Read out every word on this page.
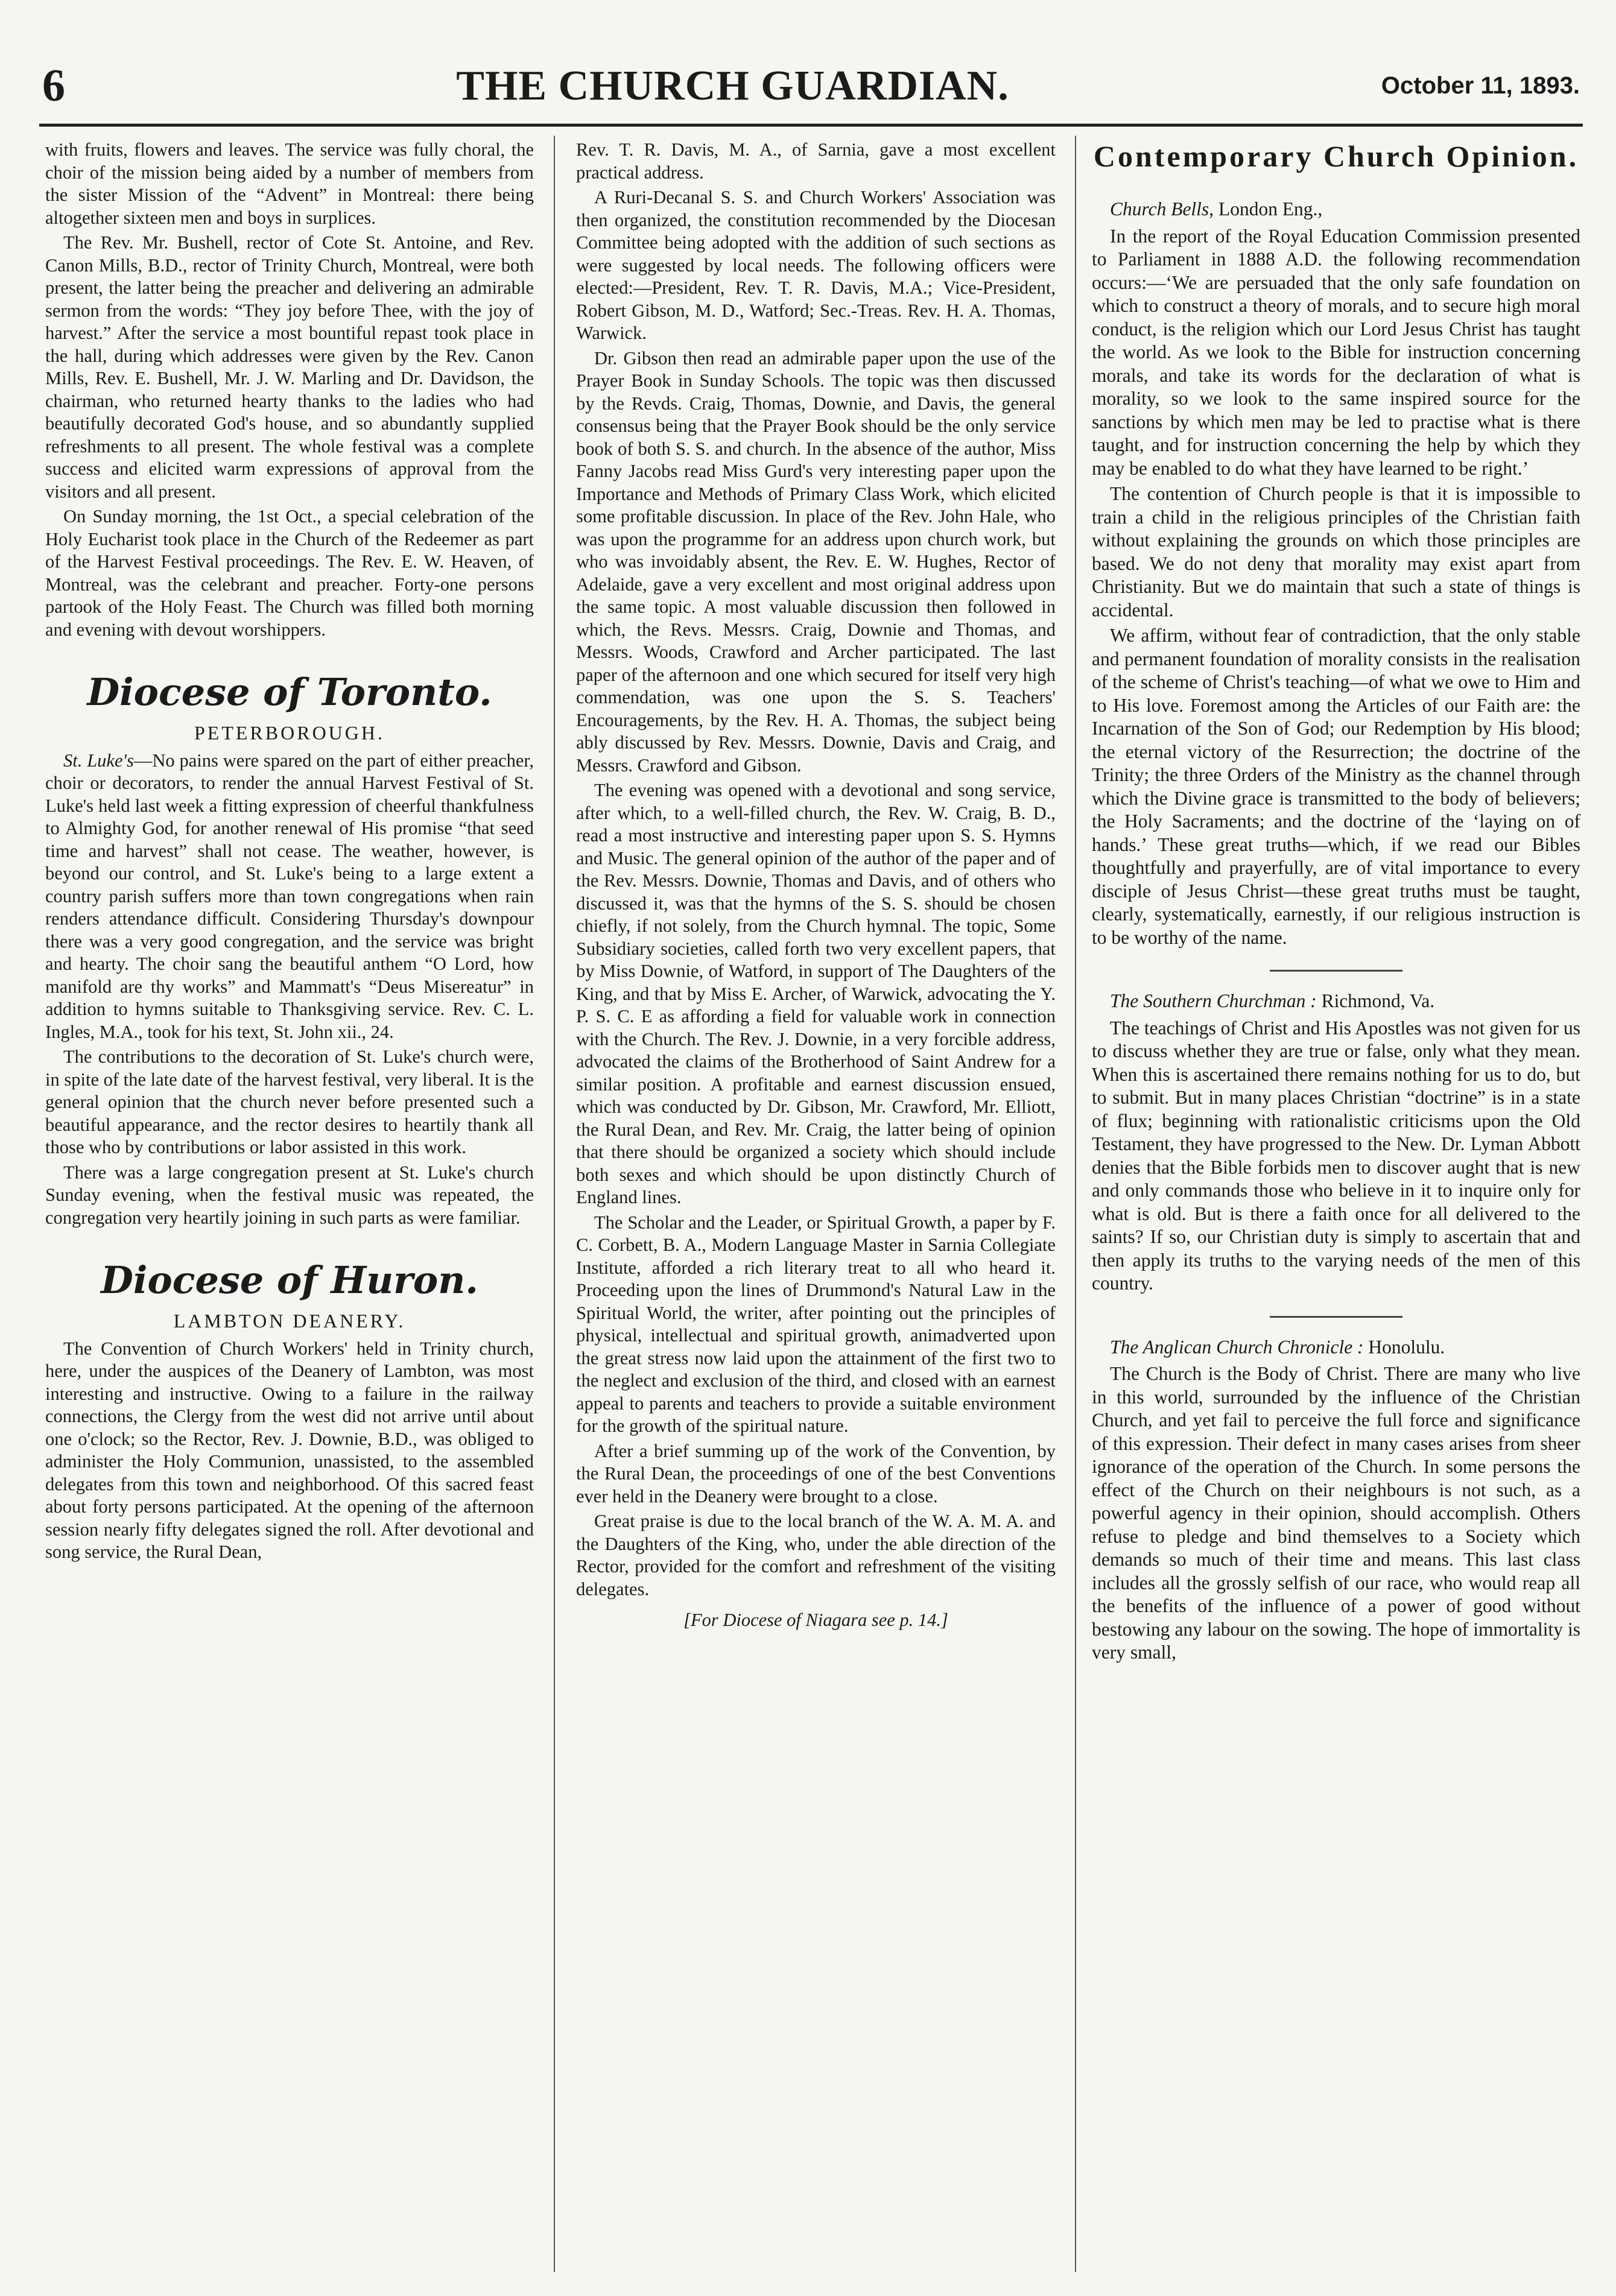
6	THE CHURCH GUARDIAN.	October 11, 1893.

with fruits, flowers and leaves. The service was fully choral, the choir of the mission being aided by a number of members from the sister Mission of the “Advent” in Montreal: there being altogether sixteen men and boys in surplices.

The Rev. Mr. Bushell, rector of Cote St. Antoine, and Rev. Canon Mills, B.D., rector of Trinity Church, Montreal, were both present, the latter being the preacher and delivering an admirable sermon from the words: “They joy before Thee, with the joy of harvest.” After the service a most bountiful repast took place in the hall, during which addresses were given by the Rev. Canon Mills, Rev. E. Bushell, Mr. J. W. Marling and Dr. Davidson, the chairman, who returned hearty thanks to the ladies who had beautifully decorated God's house, and so abundantly supplied refreshments to all present. The whole festival was a complete success and elicited warm expressions of approval from the visitors and all present.

On Sunday morning, the 1st Oct., a special celebration of the Holy Eucharist took place in the Church of the Redeemer as part of the Harvest Festival proceedings. The Rev. E. W. Heaven, of Montreal, was the celebrant and preacher. Forty-one persons partook of the Holy Feast. The Church was filled both morning and evening with devout worshippers.

Diocese of Toronto.
PETERBOROUGH.

St. Luke's—No pains were spared on the part of either preacher, choir or decorators, to render the annual Harvest Festival of St. Luke's held last week a fitting expression of cheerful thankfulness to Almighty God, for another renewal of His promise “that seed time and harvest” shall not cease. The weather, however, is beyond our control, and St. Luke's being to a large extent a country parish suffers more than town congregations when rain renders attendance difficult. Considering Thursday's downpour there was a very good congregation, and the service was bright and hearty. The choir sang the beautiful anthem “O Lord, how manifold are thy works” and Mammatt's “Deus Misereatur” in addition to hymns suitable to Thanksgiving service. Rev. C. L. Ingles, M.A., took for his text, St. John xii., 24.

The contributions to the decoration of St. Luke's church were, in spite of the late date of the harvest festival, very liberal. It is the general opinion that the church never before presented such a beautiful appearance, and the rector desires to heartily thank all those who by contributions or labor assisted in this work.

There was a large congregation present at St. Luke's church Sunday evening, when the festival music was repeated, the congregation very heartily joining in such parts as were familiar.

Diocese of Huron.
LAMBTON DEANERY.

The Convention of Church Workers' held in Trinity church, here, under the auspices of the Deanery of Lambton, was most interesting and instructive. Owing to a failure in the railway connections, the Clergy from the west did not arrive until about one o'clock; so the Rector, Rev. J. Downie, B.D., was obliged to administer the Holy Communion, unassisted, to the assembled delegates from this town and neighborhood. Of this sacred feast about forty persons participated. At the opening of the afternoon session nearly fifty delegates signed the roll. After devotional and song service, the Rural Dean,

Rev. T. R. Davis, M. A., of Sarnia, gave a most excellent practical address.

A Ruri-Decanal S. S. and Church Workers' Association was then organized, the constitution recommended by the Diocesan Committee being adopted with the addition of such sections as were suggested by local needs. The following officers were elected:—President, Rev. T. R. Davis, M.A.; Vice-President, Robert Gibson, M. D., Watford; Sec.-Treas. Rev. H. A. Thomas, Warwick.

Dr. Gibson then read an admirable paper upon the use of the Prayer Book in Sunday Schools. The topic was then discussed by the Revds. Craig, Thomas, Downie, and Davis, the general consensus being that the Prayer Book should be the only service book of both S. S. and church. In the absence of the author, Miss Fanny Jacobs read Miss Gurd's very interesting paper upon the Importance and Methods of Primary Class Work, which elicited some profitable discussion. In place of the Rev. John Hale, who was upon the programme for an address upon church work, but who was invoidably absent, the Rev. E. W. Hughes, Rector of Adelaide, gave a very excellent and most original address upon the same topic. A most valuable discussion then followed in which, the Revs. Messrs. Craig, Downie and Thomas, and Messrs. Woods, Crawford and Archer participated. The last paper of the afternoon and one which secured for itself very high commendation, was one upon the S. S. Teachers' Encouragements, by the Rev. H. A. Thomas, the subject being ably discussed by Rev. Messrs. Downie, Davis and Craig, and Messrs. Crawford and Gibson.

The evening was opened with a devotional and song service, after which, to a well-filled church, the Rev. W. Craig, B. D., read a most instructive and interesting paper upon S. S. Hymns and Music. The general opinion of the author of the paper and of the Rev. Messrs. Downie, Thomas and Davis, and of others who discussed it, was that the hymns of the S. S. should be chosen chiefly, if not solely, from the Church hymnal. The topic, Some Subsidiary societies, called forth two very excellent papers, that by Miss Downie, of Watford, in support of The Daughters of the King, and that by Miss E. Archer, of Warwick, advocating the Y. P. S. C. E as affording a field for valuable work in connection with the Church. The Rev. J. Downie, in a very forcible address, advocated the claims of the Brotherhood of Saint Andrew for a similar position. A profitable and earnest discussion ensued, which was conducted by Dr. Gibson, Mr. Crawford, Mr. Elliott, the Rural Dean, and Rev. Mr. Craig, the latter being of opinion that there should be organized a society which should include both sexes and which should be upon distinctly Church of England lines.

The Scholar and the Leader, or Spiritual Growth, a paper by F. C. Corbett, B. A., Modern Language Master in Sarnia Collegiate Institute, afforded a rich literary treat to all who heard it. Proceeding upon the lines of Drummond's Natural Law in the Spiritual World, the writer, after pointing out the principles of physical, intellectual and spiritual growth, animadverted upon the great stress now laid upon the attainment of the first two to the neglect and exclusion of the third, and closed with an earnest appeal to parents and teachers to provide a suitable environment for the growth of the spiritual nature.

After a brief summing up of the work of the Convention, by the Rural Dean, the proceedings of one of the best Conventions ever held in the Deanery were brought to a close.

Great praise is due to the local branch of the W. A. M. A. and the Daughters of the King, who, under the able direction of the Rector, provided for the comfort and refreshment of the visiting delegates.

[For Diocese of Niagara see p. 14.]

Contemporary Church Opinion.

Church Bells, London Eng.,

In the report of the Royal Education Commission presented to Parliament in 1888 A.D. the following recommendation occurs:—‘We are persuaded that the only safe foundation on which to construct a theory of morals, and to secure high moral conduct, is the religion which our Lord Jesus Christ has taught the world. As we look to the Bible for instruction concerning morals, and take its words for the declaration of what is morality, so we look to the same inspired source for the sanctions by which men may be led to practise what is there taught, and for instruction concerning the help by which they may be enabled to do what they have learned to be right.’

The contention of Church people is that it is impossible to train a child in the religious principles of the Christian faith without explaining the grounds on which those principles are based. We do not deny that morality may exist apart from Christianity. But we do maintain that such a state of things is accidental.

We affirm, without fear of contradiction, that the only stable and permanent foundation of morality consists in the realisation of the scheme of Christ's teaching—of what we owe to Him and to His love. Foremost among the Articles of our Faith are: the Incarnation of the Son of God; our Redemption by His blood; the eternal victory of the Resurrection; the doctrine of the Trinity; the three Orders of the Ministry as the channel through which the Divine grace is transmitted to the body of believers; the Holy Sacraments; and the doctrine of the ‘laying on of hands.’ These great truths—which, if we read our Bibles thoughtfully and prayerfully, are of vital importance to every disciple of Jesus Christ—these great truths must be taught, clearly, systematically, earnestly, if our religious instruction is to be worthy of the name.

The Southern Churchman : Richmond, Va.

The teachings of Christ and His Apostles was not given for us to discuss whether they are true or false, only what they mean. When this is ascertained there remains nothing for us to do, but to submit. But in many places Christian “doctrine” is in a state of flux; beginning with rationalistic criticisms upon the Old Testament, they have progressed to the New. Dr. Lyman Abbott denies that the Bible forbids men to discover aught that is new and only commands those who believe in it to inquire only for what is old. But is there a faith once for all delivered to the saints? If so, our Christian duty is simply to ascertain that and then apply its truths to the varying needs of the men of this country.

The Anglican Church Chronicle : Honolulu.

The Church is the Body of Christ. There are many who live in this world, surrounded by the influence of the Christian Church, and yet fail to perceive the full force and significance of this expression. Their defect in many cases arises from sheer ignorance of the operation of the Church. In some persons the effect of the Church on their neighbours is not such, as a powerful agency in their opinion, should accomplish. Others refuse to pledge and bind themselves to a Society which demands so much of their time and means. This last class includes all the grossly selfish of our race, who would reap all the benefits of the influence of a power of good without bestowing any labour on the sowing. The hope of immortality is very small,
